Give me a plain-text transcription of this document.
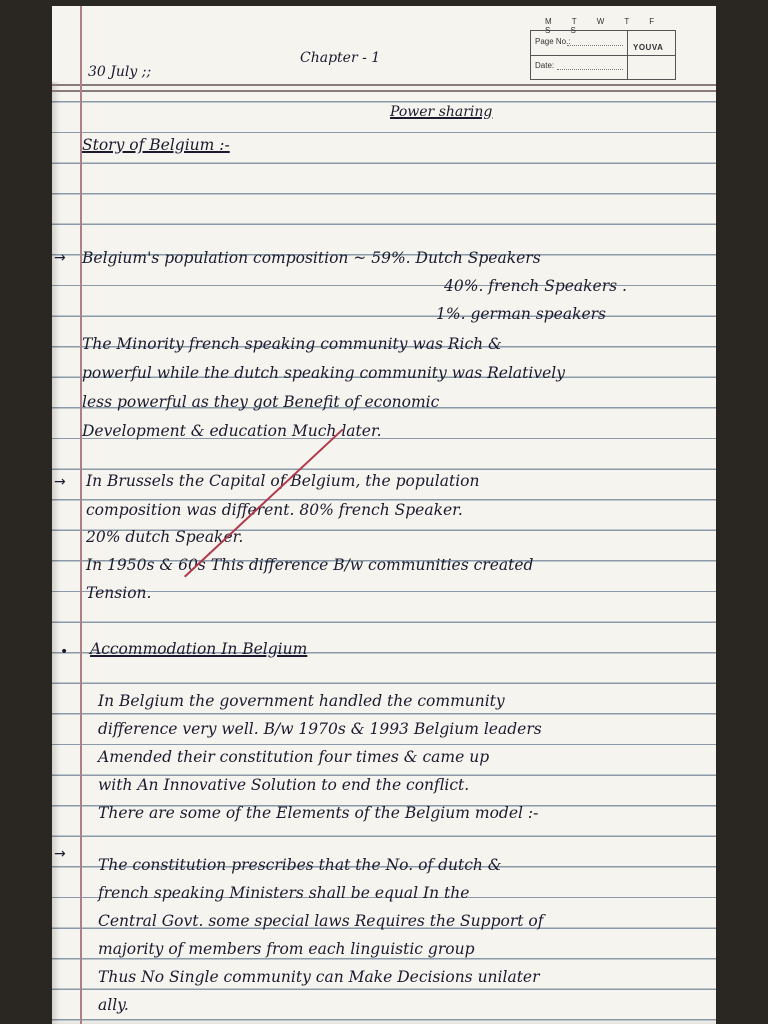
M T W T F S S
Page No.:
Date:
YOUVA
30 July ;;
Chapter - 1
Power sharing
Story of Belgium :-
→ Belgium's population composition ~ 59%. Dutch Speakers
40%. french Speakers .
1%. german speakers
The Minority french speaking community was Rich &
powerful while the dutch speaking community was Relatively
less powerful as they got Benefit of economic
Development & education Much later.
→ In Brussels the Capital of Belgium, the population
composition was different. 80% french Speaker.
20% dutch Speaker.
In 1950s & 60s This difference B/w communities created
Tension.
• Accommodation In Belgium
In Belgium the government handled the community
difference very well. B/w 1970s & 1993 Belgium leaders
Amended their constitution four times & came up
with An Innovative Solution to end the conflict.
There are some of the Elements of the Belgium model :-
→
The constitution prescribes that the No. of dutch &
french speaking Ministers shall be equal In the
Central Govt. some special laws Requires the Support of
majority of members from each linguistic group
Thus No Single community can Make Decisions unilater
ally.
